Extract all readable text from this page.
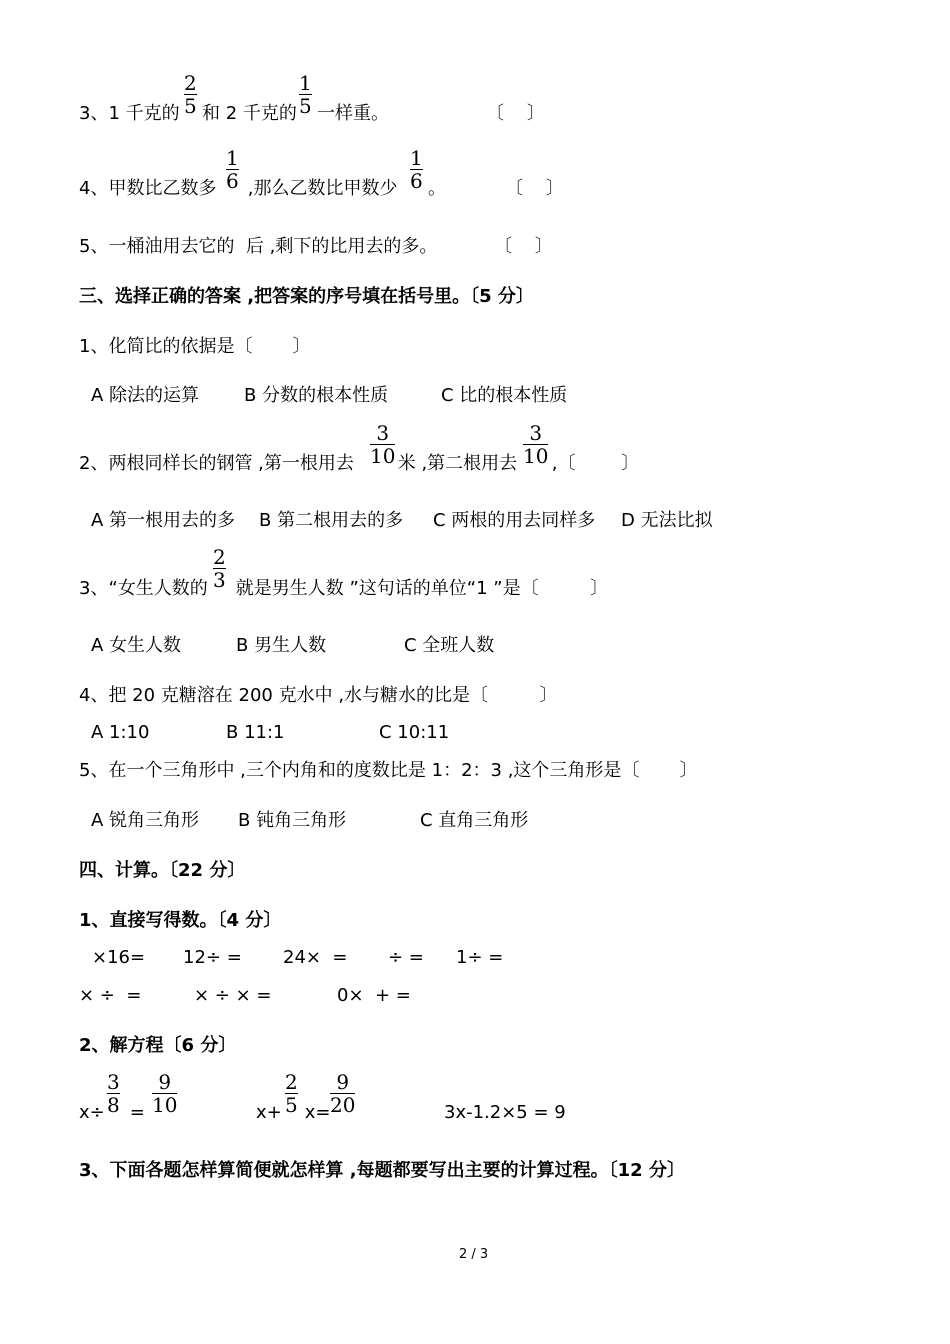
3、1 千克的 $\frac{2}{5}$ 和 2 千克的 $\frac{1}{5}$ 一样重。	〔    〕
4、甲数比乙数多 $\frac{1}{6}$ ,那么乙数比甲数少 $\frac{1}{6}$ 。	〔    〕
5、一桶油用去它的  后 ,剩下的比用去的多。	〔    〕
三、选择正确的答案 ,把答案的序号填在括号里。〔5 分〕
1、化简比的依据是〔       〕
A 除法的运算 B 分数的根本性质	C 比的根本性质
2、两根同样长的钢管 ,第一根用去 $\frac{3}{10}$
米 ,第二根用去 $\frac{3}{10}$
,〔        〕
A 第一根用去的多 B 第二根用去的多 C 两根的用去同样多 D 无法比拟
3、“女生人数的 $\frac{2}{3}$ 就是男生人数 ”这句话的单位“1 ”是〔         〕
A 女生人数	B 男生人数	C 全班人数
4、把 20 克糖溶在 200 克水中 ,水与糖水的比是〔         〕
A 1:10	B 11:1	C 10:11
5、在一个三角形中 ,三个内角和的度数比是 1：2：3 ,这个三角形是〔       〕
A 锐角三角形 B 钝角三角形	C 直角三角形
四、计算。〔22 分〕
1、直接写得数。〔4 分〕
×16= 12÷ = 24×  = ÷ = 1÷ =
× ÷  =	× ÷ × =	0×  + =
2、解方程〔6 分〕
$x\div \frac{3}{8} = \frac{9}{10}$	$x+ \frac{2}{5} x= \frac{9}{20}$	3x-1.2×5 = 9
3、下面各题怎样算简便就怎样算 ,每题都要写出主要的计算过程。〔12 分〕
2 / 3
